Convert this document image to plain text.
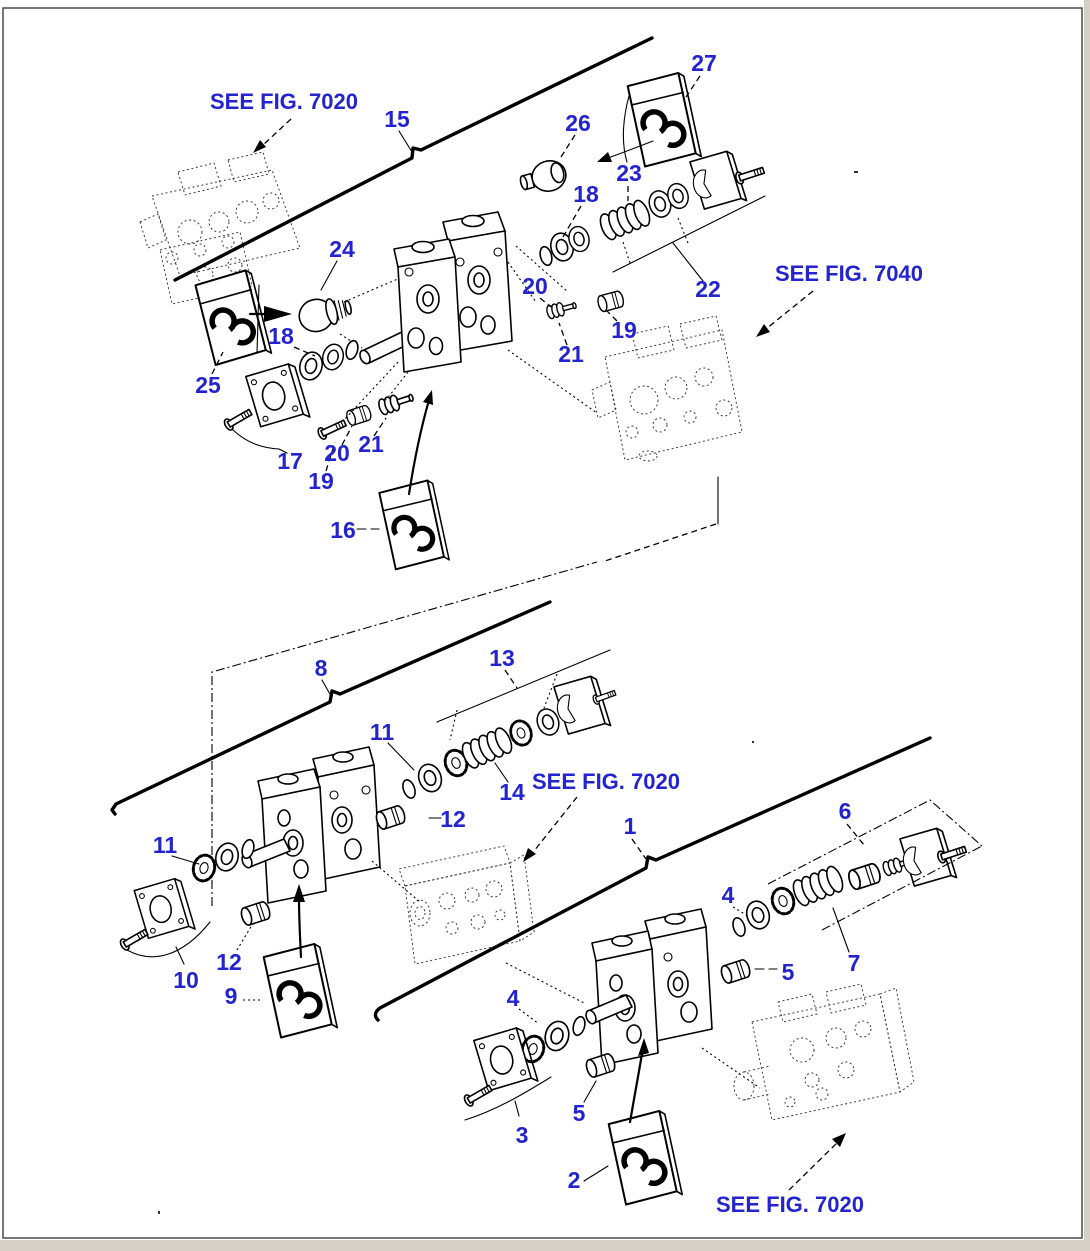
SEE FIG. 7020
SEE FIG. 7040
SEE FIG. 7020
SEE FIG. 7020
15
27
26
23
18
22
24
18
25
20
19
21
17
19
20 21
16
8	13
11
14
12
11
1
6
10
12
9
4
7
5
4
5
3
2
